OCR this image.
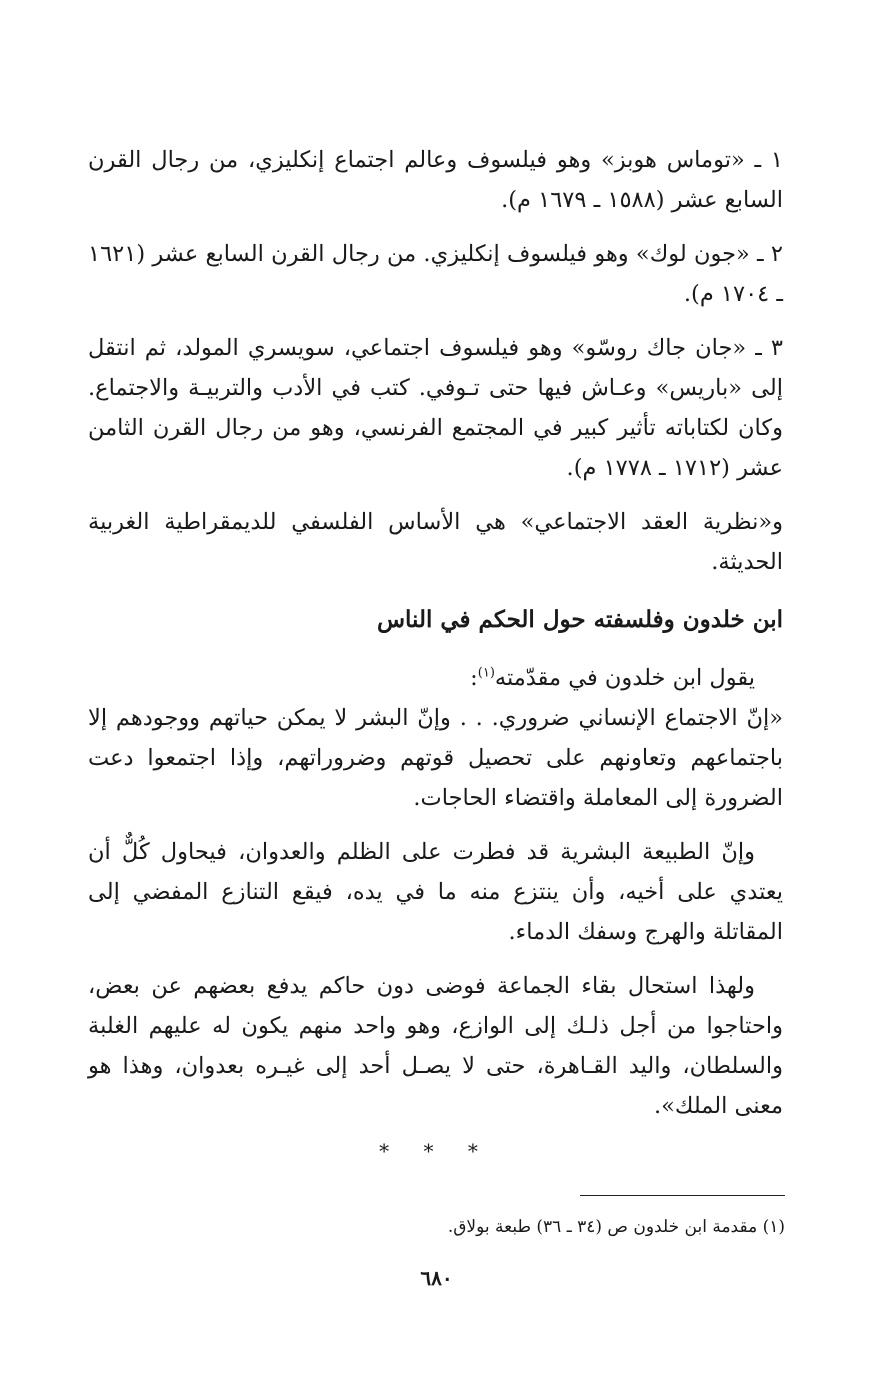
١ ـ «توماس هوبز» وهو فيلسوف وعالم اجتماع إنكليزي، من رجال القرن السابع عشر (١٥٨٨ ـ ١٦٧٩ م).

٢ ـ «جون لوك» وهو فيلسوف إنكليزي. من رجال القرن السابع عشر (١٦٢١ ـ ١٧٠٤ م).

٣ ـ «جان جاك روسّو» وهو فيلسوف اجتماعي، سويسري المولد، ثم انتقل إلى «باريس» وعـاش فيها حتى تـوفي. كتب في الأدب والتربيـة والاجتماع. وكان لكتاباته تأثير كبير في المجتمع الفرنسي، وهو من رجال القرن الثامن عشر (١٧١٢ ـ ١٧٧٨ م).

و«نظرية العقد الاجتماعي» هي الأساس الفلسفي للديمقراطية الغربية الحديثة.

ابن خلدون وفلسفته حول الحكم في الناس

يقول ابن خلدون في مقدّمته$^{(١)}$:

«إنّ الاجتماع الإنساني ضروري. . . وإنّ البشر لا يمكن حياتهم ووجودهم إلا باجتماعهم وتعاونهم على تحصيل قوتهم وضروراتهم، وإذا اجتمعوا دعت الضرورة إلى المعاملة واقتضاء الحاجات.

وإنّ الطبيعة البشرية قد فطرت على الظلم والعدوان، فيحاول كُلٌّ أن يعتدي على أخيه، وأن ينتزع منه ما في يده، فيقع التنازع المفضي إلى المقاتلة والهرج وسفك الدماء.

ولهذا استحال بقاء الجماعة فوضى دون حاكم يدفع بعضهم عن بعض، واحتاجوا من أجل ذلـك إلى الوازع، وهو واحد منهم يكون له عليهم الغلبة والسلطان، واليد القـاهرة، حتى لا يصـل أحد إلى غيـره بعدوان، وهذا هو معنى الملك».

* * *
(١) مقدمة ابن خلدون ص (٣٤ ـ ٣٦) طبعة بولاق.
٦٨٠
